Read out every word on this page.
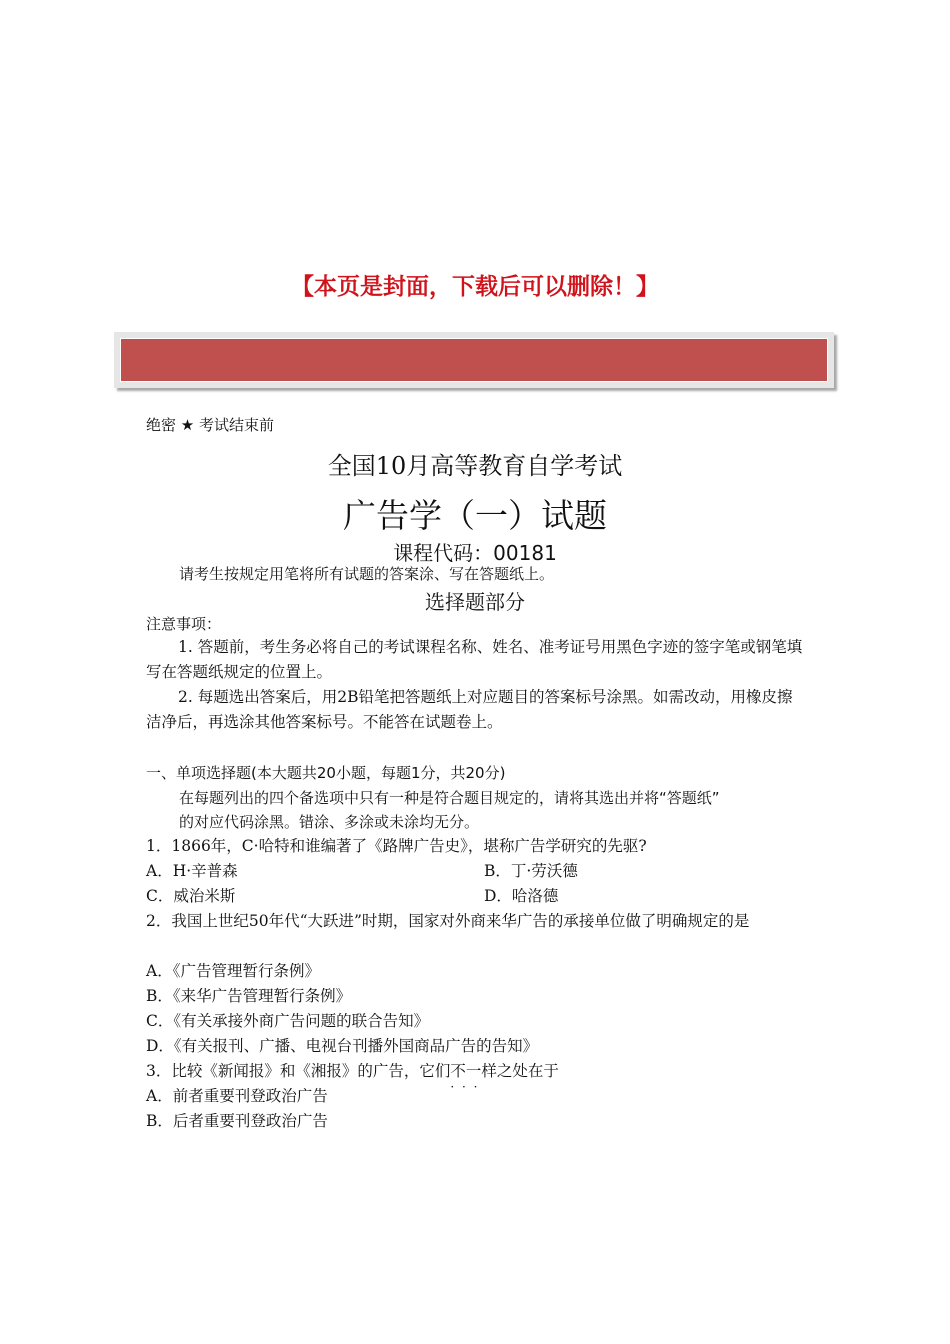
【本页是封面，下载后可以删除！】
绝密 ★ 考试结束前
全国10月高等教育自学考试
广告学（一）试题
课程代码：00181
请考生按规定用笔将所有试题的答案涂、写在答题纸上。
选择题部分
注意事项：
1. 答题前，考生务必将自己的考试课程名称、姓名、准考证号用黑色字迹的签字笔或钢笔填写在答题纸规定的位置上。
2. 每题选出答案后，用2B铅笔把答题纸上对应题目的答案标号涂黑。如需改动，用橡皮擦洁净后，再选涂其他答案标号。不能答在试题卷上。
一、单项选择题(本大题共20小题，每题1分，共20分)
在每题列出的四个备选项中只有一种是符合题目规定的，请将其选出并将“答题纸”
的对应代码涂黑。错涂、多涂或未涂均无分。
1．1866年，C·哈特和谁编著了《路牌广告史》，堪称广告学研究的先驱?
A．H·辛普森	B．丁·劳沃德
C．威治米斯	D．哈洛德
2．我国上世纪50年代“大跃进”时期，国家对外商来华广告的承接单位做了明确规定的是
A．《广告管理暂行条例》
B．《来华广告管理暂行条例》
C．《有关承接外商广告问题的联合告知》
D．《有关报刊、广播、电视台刊播外国商品广告的告知》
3．比较《新闻报》和《湘报》的广告，它们不一样 · · ·之处在于
A．前者重要刊登政治广告
B．后者重要刊登政治广告
